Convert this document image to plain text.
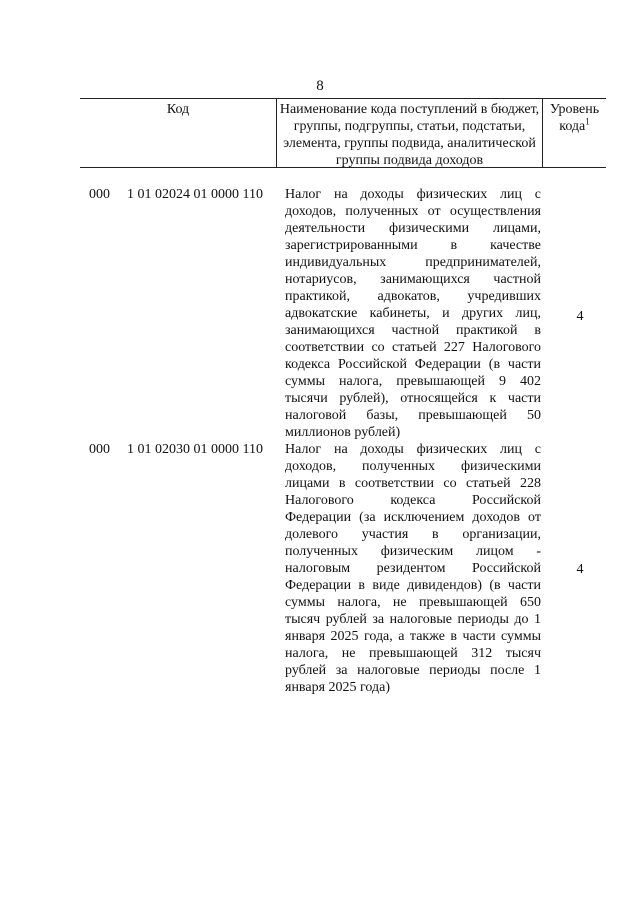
8
Код	Наименование кода поступлений в бюджет, группы, подгруппы, статьи, подстатьи, элемента, группы подвида, аналитической группы подвида доходов
Уровень кода$^1$
000 1 01 02024 01 0000 110 Налог на доходы физических лиц с доходов, полученных от осуществления деятельности физическими лицами, зарегистрированными в качестве индивидуальных предпринимателей, нотариусов, занимающихся частной практикой, адвокатов, учредивших адвокатские кабинеты, и других лиц, занимающихся частной практикой в соответствии со статьей 227 Налогового кодекса Российской Федерации (в части суммы налога, превышающей 9 402 тысячи рублей), относящейся к части налоговой базы, превышающей 50 миллионов рублей)
4
000 1 01 02030 01 0000 110 Налог на доходы физических лиц с доходов, полученных физическими лицами в соответствии со статьей 228 Налогового кодекса Российской Федерации (за исключением доходов от долевого участия в организации, полученных физическим лицом - налоговым резидентом Российской Федерации в виде дивидендов) (в части суммы налога, не превышающей 650 тысяч рублей за налоговые периоды до 1 января 2025 года, а также в части суммы налога, не превышающей 312 тысяч рублей за налоговые периоды после 1 января 2025 года)
4
